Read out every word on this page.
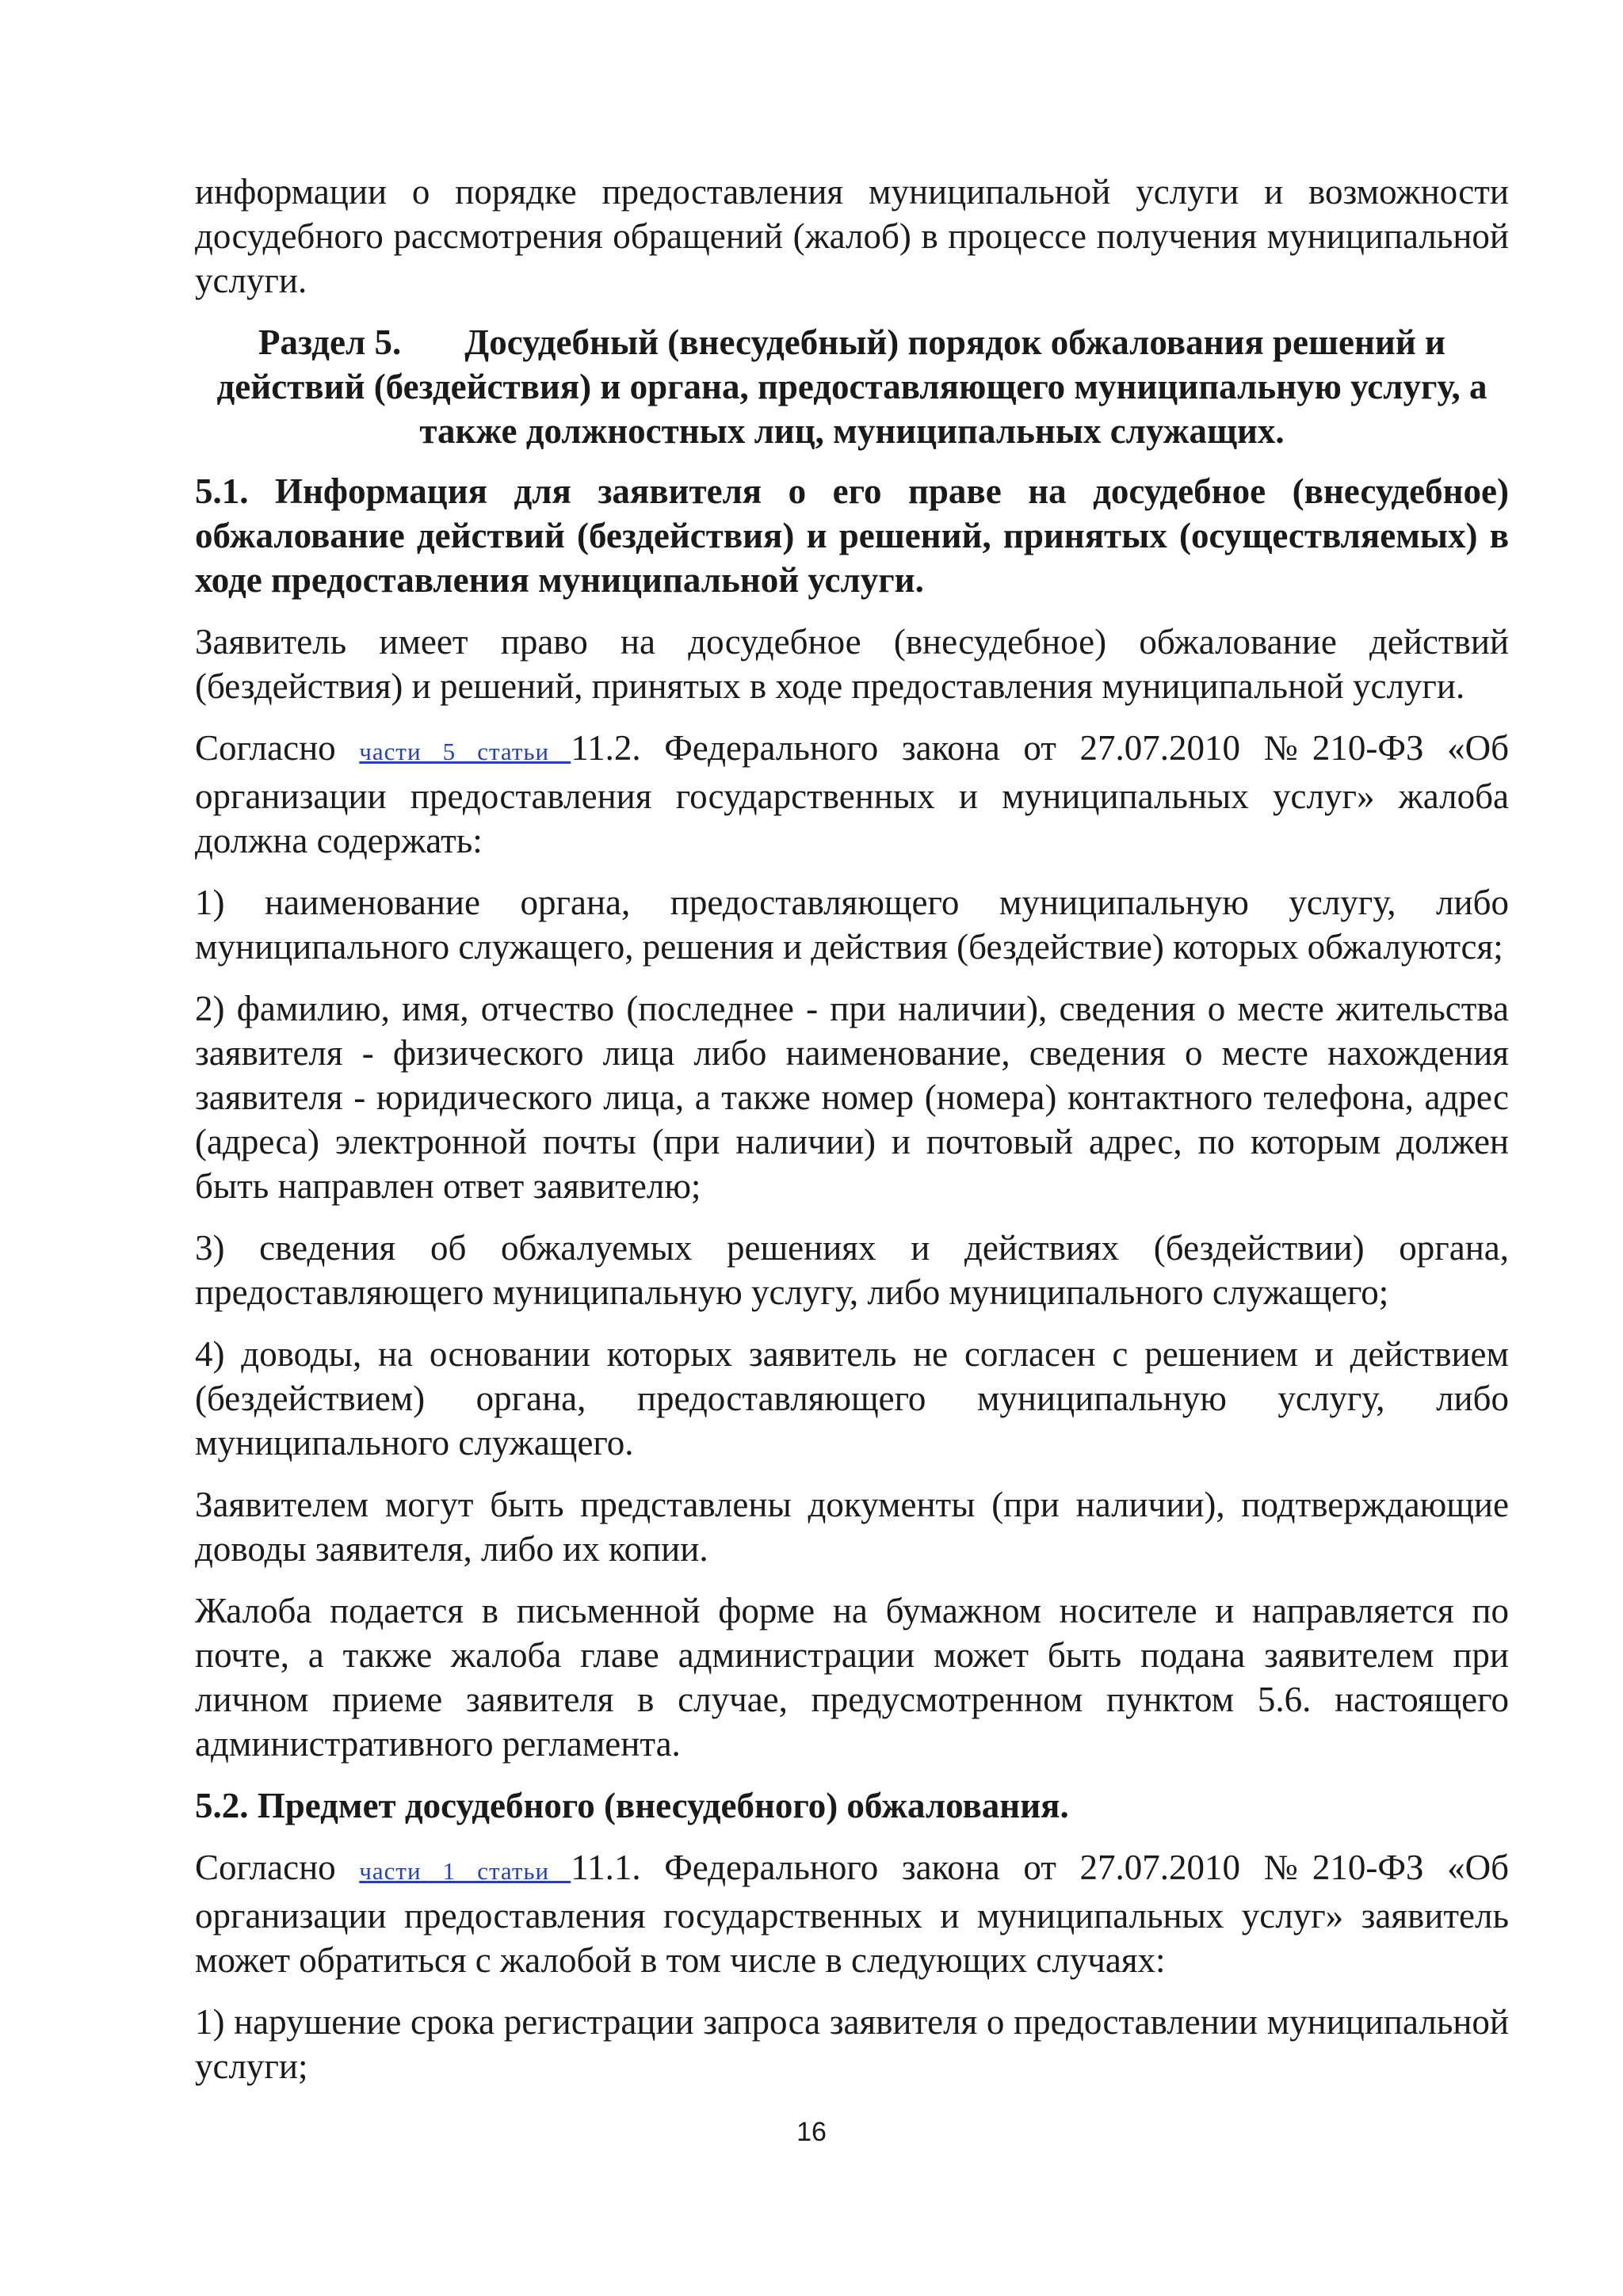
информации о порядке предоставления муниципальной услуги и возможности досудебного рассмотрения обращений (жалоб) в процессе получения муниципальной услуги.

Раздел 5. Досудебный (внесудебный) порядок обжалования решений и действий (бездействия) и органа, предоставляющего муниципальную услугу, а также должностных лиц, муниципальных служащих.

5.1. Информация для заявителя о его праве на досудебное (внесудебное) обжалование действий (бездействия) и решений, принятых (осуществляемых) в ходе предоставления муниципальной услуги.

Заявитель имеет право на досудебное (внесудебное) обжалование действий (бездействия) и решений, принятых в ходе предоставления муниципальной услуги.

Согласно части 5 статьи 11.2. Федерального закона от 27.07.2010 №210-ФЗ «Об организации предоставления государственных и муниципальных услуг» жалоба должна содержать:

1) наименование органа, предоставляющего муниципальную услугу, либо муниципального служащего, решения и действия (бездействие) которых обжалуются;

2) фамилию, имя, отчество (последнее - при наличии), сведения о месте жительства заявителя - физического лица либо наименование, сведения о месте нахождения заявителя - юридического лица, а также номер (номера) контактного телефона, адрес (адреса) электронной почты (при наличии) и почтовый адрес, по которым должен быть направлен ответ заявителю;

3) сведения об обжалуемых решениях и действиях (бездействии) органа, предоставляющего муниципальную услугу, либо муниципального служащего;

4) доводы, на основании которых заявитель не согласен с решением и действием (бездействием) органа, предоставляющего муниципальную услугу, либо муниципального служащего.

Заявителем могут быть представлены документы (при наличии), подтверждающие доводы заявителя, либо их копии.

Жалоба подается в письменной форме на бумажном носителе и направляется по почте, а также жалоба главе администрации может быть подана заявителем при личном приеме заявителя в случае, предусмотренном пунктом 5.6. настоящего административного регламента.

5.2. Предмет досудебного (внесудебного) обжалования.

Согласно части 1 статьи 11.1. Федерального закона от 27.07.2010 №210-ФЗ «Об организации предоставления государственных и муниципальных услуг» заявитель может обратиться с жалобой в том числе в следующих случаях:

1) нарушение срока регистрации запроса заявителя о предоставлении муниципальной услуги;

16
